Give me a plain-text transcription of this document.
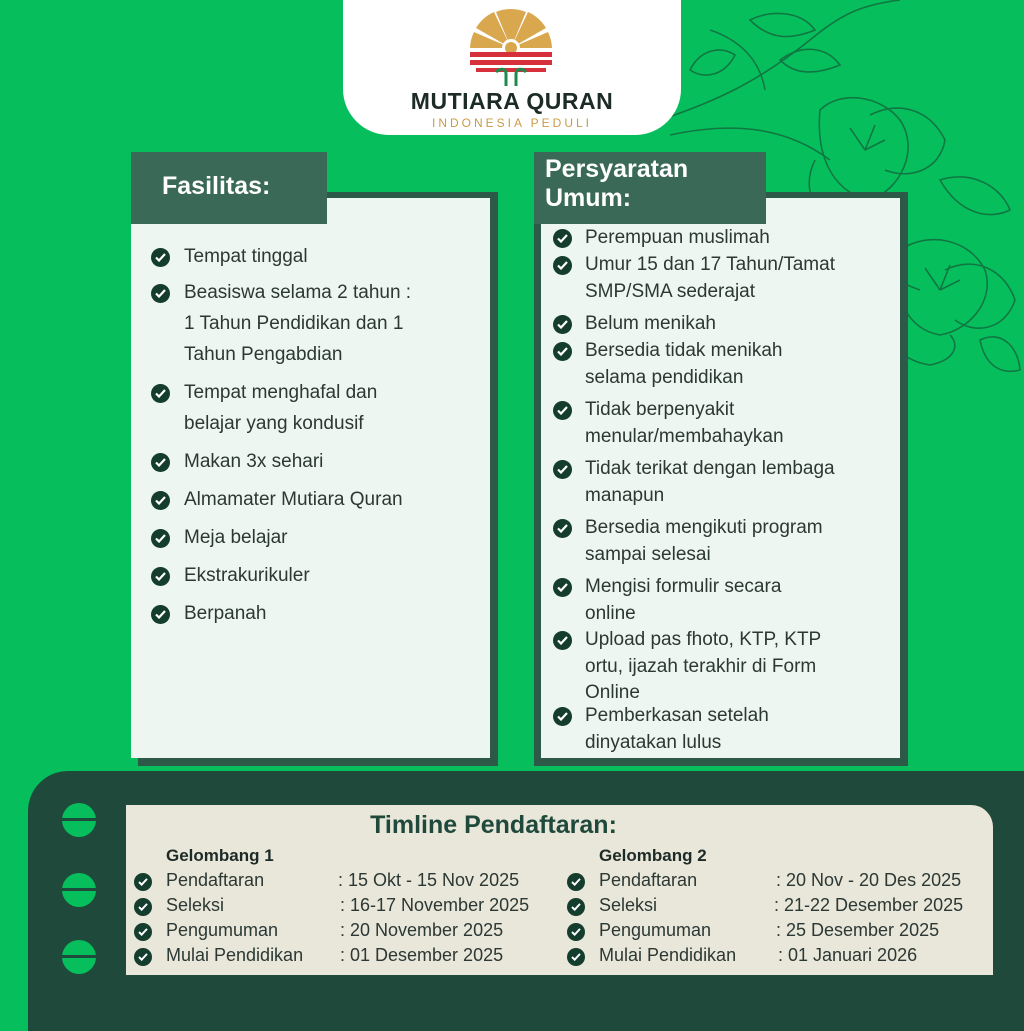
MUTIARA QURAN
INDONESIA PEDULI
Fasilitas:
Tempat tinggal
Beasiswa selama 2 tahun :
1 Tahun Pendidikan dan 1
Tahun Pengabdian
Tempat menghafal dan
belajar yang kondusif
Makan 3x sehari
Almamater Mutiara Quran
Meja belajar
Ekstrakurikuler
Berpanah
Persyaratan
Umum:
Perempuan muslimah
Umur 15 dan 17 Tahun/Tamat
SMP/SMA sederajat
Belum menikah
Bersedia tidak menikah
selama pendidikan
Tidak berpenyakit
menular/membahaykan
Tidak terikat dengan lembaga
manapun
Bersedia mengikuti program
sampai selesai
Mengisi formulir secara
online
Upload pas fhoto, KTP, KTP
ortu, ijazah terakhir di Form
Online
Pemberkasan setelah
dinyatakan lulus
Timline Pendaftaran:
Gelombang 1	Gelombang 2
Pendaftaran	: 15 Okt - 15 Nov 2025
Seleksi	: 16-17 November 2025
Pengumuman	: 20 November 2025
Mulai Pendidikan : 01 Desember 2025
Pendaftaran	: 20 Nov - 20 Des 2025
Seleksi	: 21-22 Desember 2025
Pengumuman	: 25 Desember 2025
Mulai Pendidikan : 01 Januari 2026
